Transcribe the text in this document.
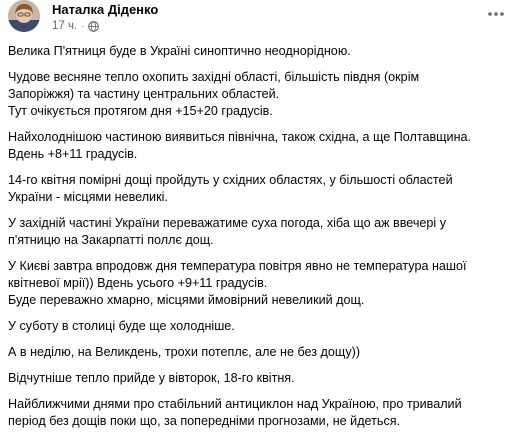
Наталка Діденко
17 ч. ·

Велика П'ятниця буде в Україні синоптично неоднорідною.

Чудове весняне тепло охопить західні області, більшість півдня (окрім
Запоріжжя) та частину центральних областей.
Тут очікується протягом дня +15+20 градусів.

Найхолоднішою частиною виявиться північна, також східна, а ще Полтавщина.
Вдень +8+11 градусів.

14-го квітня помірні дощі пройдуть у східних областях, у більшості областей
України - місцями невеликі.

У західній частині України переважатиме суха погода, хіба що аж ввечері у
п'ятницю на Закарпатті поллє дощ.

У Києві завтра впродовж дня температура повітря явно не температура нашої
квітневої мрії)) Вдень усього +9+11 градусів.
Буде переважно хмарно, місцями ймовірний невеликий дощ.

У суботу в столиці буде ще холодніше.

А в неділю, на Великдень, трохи потеплє, але не без дощу))

Відчутніше тепло прийде у вівторок, 18-го квітня.

Найближчими днями про стабільний антициклон над Україною, про тривалий
період без дощів поки що, за попередніми прогнозами, не йдеться.
